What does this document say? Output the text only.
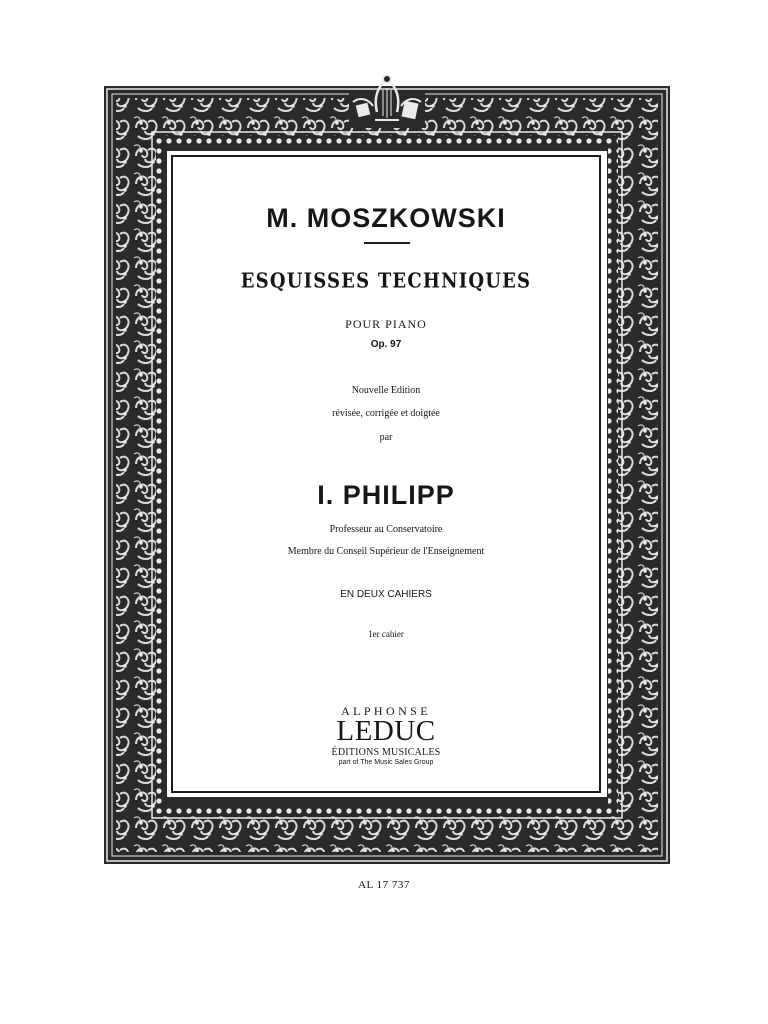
M. MOSZKOWSKI

ESQUISSES TECHNIQUES

POUR PIANO

Op. 97

Nouvelle Edition

révisée, corrigée et doigtée

par

I. PHILIPP

Professeur au Conservatoire

Membre du Conseil Supérieur de l'Enseignement

EN DEUX CAHIERS

1er cahier

ALPHONSE

LEDUC

ÉDITIONS MUSICALES

part of The Music Sales Group

AL 17 737
